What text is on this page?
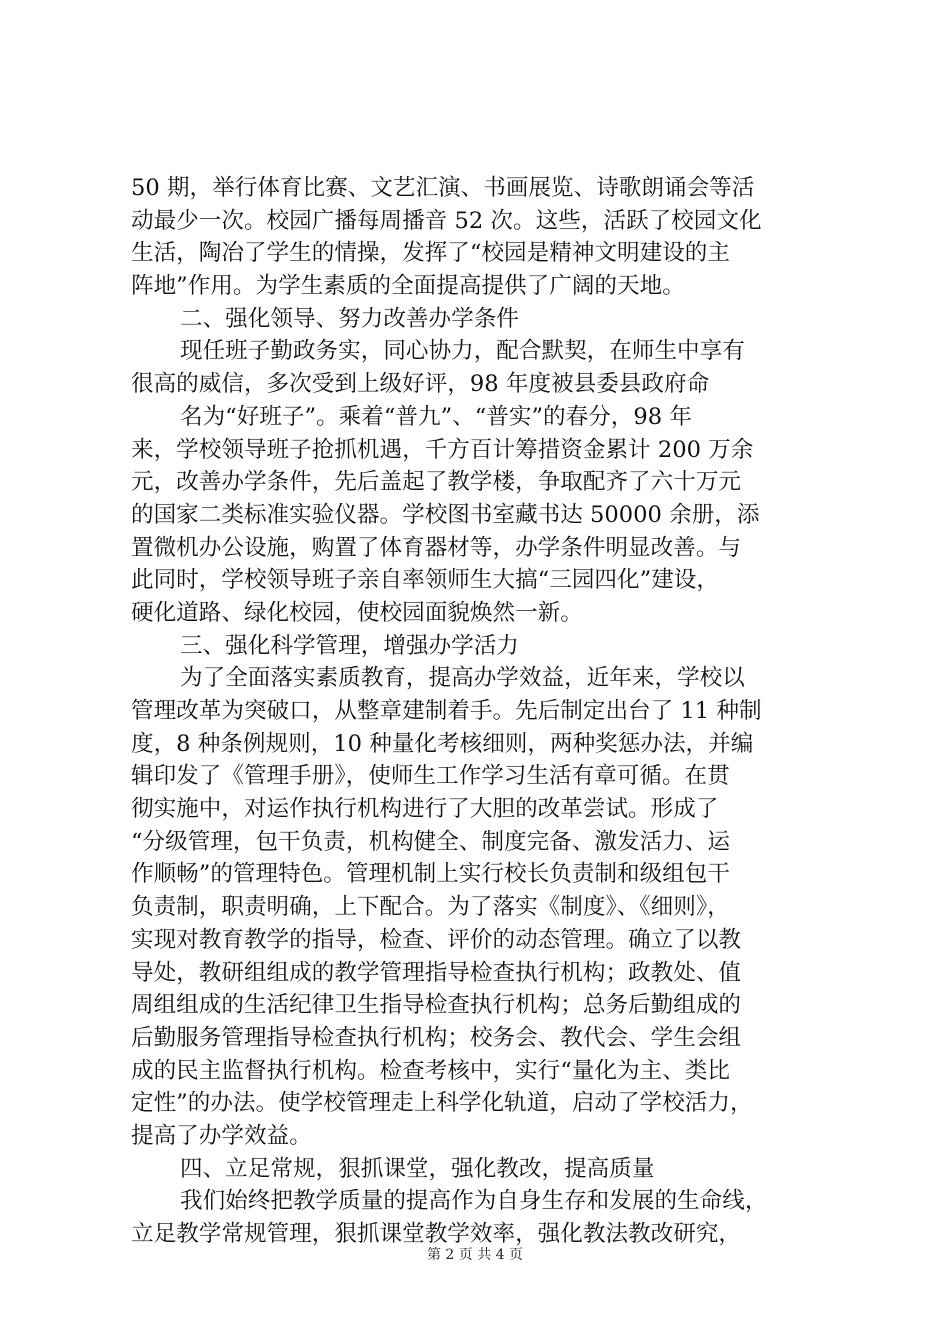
50 期，举行体育比赛、文艺汇演、书画展览、诗歌朗诵会等活
动最少一次。校园广播每周播音 52 次。这些，活跃了校园文化
生活，陶冶了学生的情操，发挥了“校园是精神文明建设的主
阵地”作用。为学生素质的全面提高提供了广阔的天地。
二、强化领导、努力改善办学条件
现任班子勤政务实，同心协力，配合默契，在师生中享有
很高的威信，多次受到上级好评，98 年度被县委县政府命
名为“好班子”。乘着“普九”、“普实”的春分，98 年
来，学校领导班子抢抓机遇，千方百计筹措资金累计 200 万余
元，改善办学条件，先后盖起了教学楼，争取配齐了六十万元
的国家二类标准实验仪器。学校图书室藏书达 50000 余册，添
置微机办公设施，购置了体育器材等，办学条件明显改善。与
此同时，学校领导班子亲自率领师生大搞“三园四化”建设，
硬化道路、绿化校园，使校园面貌焕然一新。
三、强化科学管理，增强办学活力
为了全面落实素质教育，提高办学效益，近年来，学校以
管理改革为突破口，从整章建制着手。先后制定出台了 11 种制
度，8 种条例规则，10 种量化考核细则，两种奖惩办法，并编
辑印发了《管理手册》，使师生工作学习生活有章可循。在贯
彻实施中，对运作执行机构进行了大胆的改革尝试。形成了
“分级管理，包干负责，机构健全、制度完备、激发活力、运
作顺畅”的管理特色。管理机制上实行校长负责制和级组包干
负责制，职责明确，上下配合。为了落实《制度》、《细则》，
实现对教育教学的指导，检查、评价的动态管理。确立了以教
导处，教研组组成的教学管理指导检查执行机构；政教处、值
周组组成的生活纪律卫生指导检查执行机构；总务后勤组成的
后勤服务管理指导检查执行机构；校务会、教代会、学生会组
成的民主监督执行机构。检查考核中，实行“量化为主、类比
定性”的办法。使学校管理走上科学化轨道，启动了学校活力，
提高了办学效益。
四、立足常规，狠抓课堂，强化教改，提高质量
我们始终把教学质量的提高作为自身生存和发展的生命线，
立足教学常规管理，狠抓课堂教学效率，强化教法教改研究，
第 2 页 共 4 页
